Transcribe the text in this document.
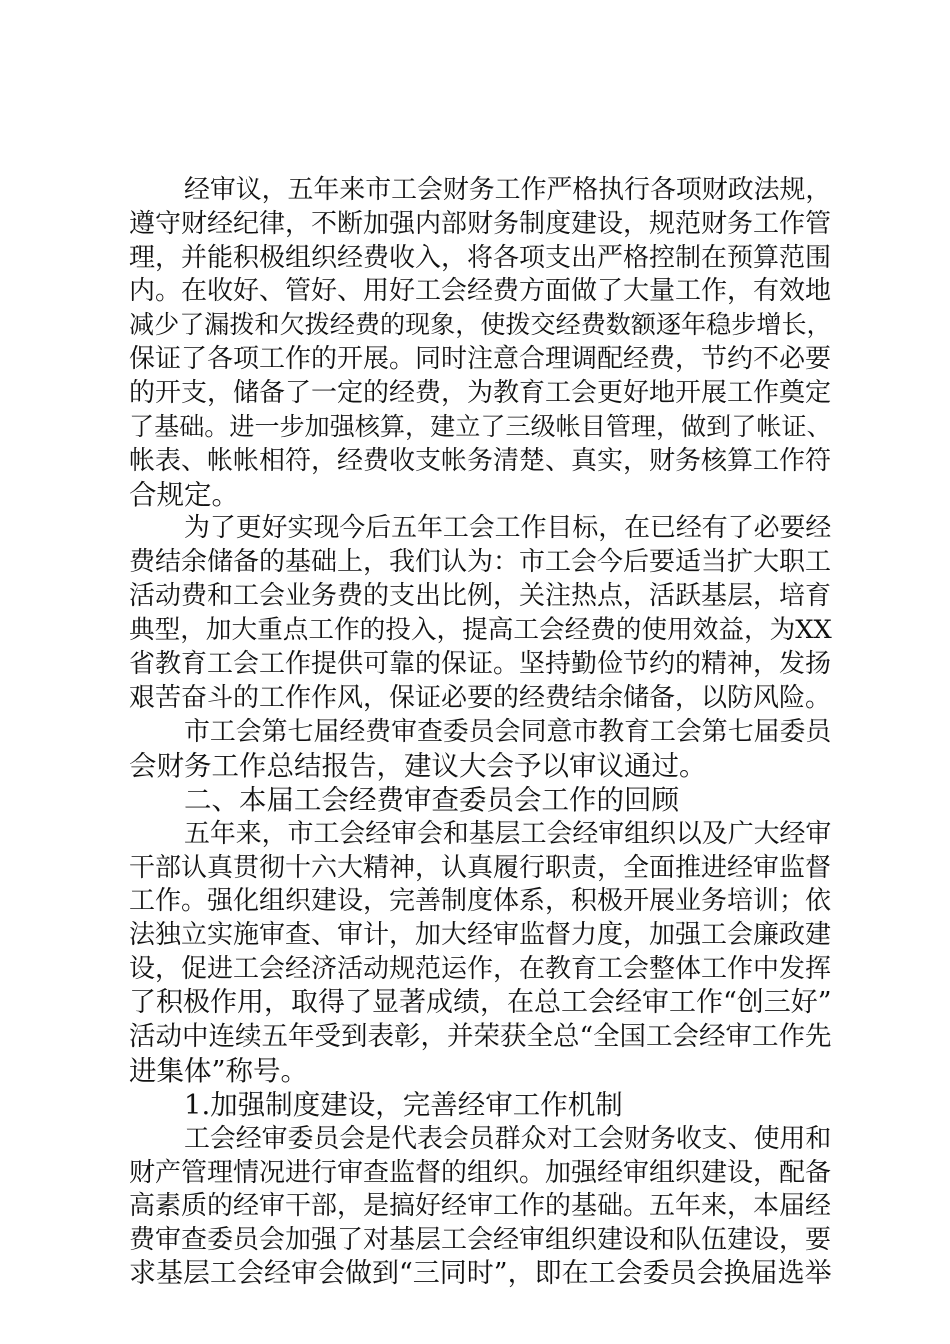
经审议，五年来市工会财务工作严格执行各项财政法规，
遵守财经纪律，不断加强内部财务制度建设，规范财务工作管
理，并能积极组织经费收入，将各项支出严格控制在预算范围
内。在收好、管好、用好工会经费方面做了大量工作，有效地
减少了漏拨和欠拨经费的现象，使拨交经费数额逐年稳步增长，
保证了各项工作的开展。同时注意合理调配经费，节约不必要
的开支，储备了一定的经费，为教育工会更好地开展工作奠定
了基础。进一步加强核算，建立了三级帐目管理，做到了帐证、
帐表、帐帐相符，经费收支帐务清楚、真实，财务核算工作符
合规定。
为了更好实现今后五年工会工作目标，在已经有了必要经
费结余储备的基础上，我们认为：市工会今后要适当扩大职工
活动费和工会业务费的支出比例，关注热点，活跃基层，培育
典型，加大重点工作的投入，提高工会经费的使用效益，为XX
省教育工会工作提供可靠的保证。坚持勤俭节约的精神，发扬
艰苦奋斗的工作作风，保证必要的经费结余储备，以防风险。
市工会第七届经费审查委员会同意市教育工会第七届委员
会财务工作总结报告，建议大会予以审议通过。
二、本届工会经费审查委员会工作的回顾
五年来，市工会经审会和基层工会经审组织以及广大经审
干部认真贯彻十六大精神，认真履行职责，全面推进经审监督
工作。强化组织建设，完善制度体系，积极开展业务培训；依
法独立实施审查、审计，加大经审监督力度，加强工会廉政建
设，促进工会经济活动规范运作，在教育工会整体工作中发挥
了积极作用，取得了显著成绩，在总工会经审工作“创三好”
活动中连续五年受到表彰，并荣获全总“全国工会经审工作先
进集体”称号。
1.加强制度建设，完善经审工作机制
工会经审委员会是代表会员群众对工会财务收支、使用和
财产管理情况进行审查监督的组织。加强经审组织建设，配备
高素质的经审干部，是搞好经审工作的基础。五年来，本届经
费审查委员会加强了对基层工会经审组织建设和队伍建设，要
求基层工会经审会做到“三同时”，即在工会委员会换届选举
